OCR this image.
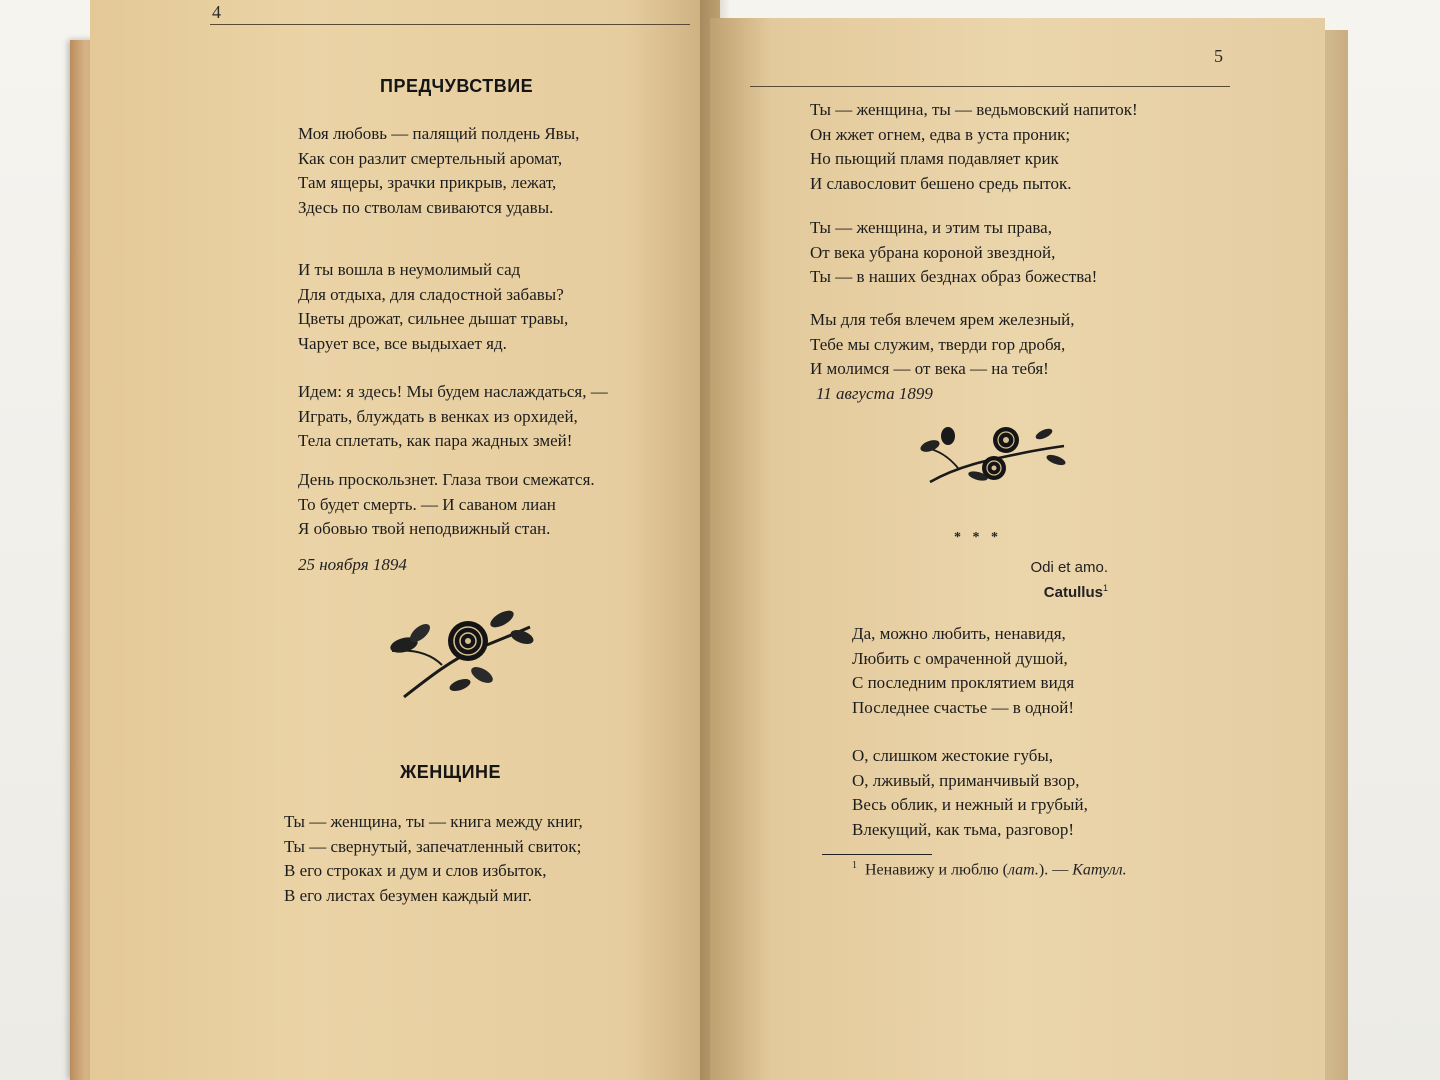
4
ПРЕДЧУВСТВИЕ
Моя любовь — палящий полдень Явы,
Как сон разлит смертельный аромат,
Там ящеры, зрачки прикрыв, лежат,
Здесь по стволам свиваются удавы.
И ты вошла в неумолимый сад
Для отдыха, для сладостной забавы?
Цветы дрожат, сильнее дышат травы,
Чарует все, все выдыхает яд.
Идем: я здесь! Мы будем наслаждаться, —
Играть, блуждать в венках из орхидей,
Тела сплетать, как пара жадных змей!
День проскользнет. Глаза твои смежатся.
То будет смерть. — И саваном лиан
Я обовью твой неподвижный стан.
25 ноября 1894
ЖЕНЩИНЕ
Ты — женщина, ты — книга между книг,
Ты — свернутый, запечатленный свиток;
В его строках и дум и слов избыток,
В его листах безумен каждый миг.
5
Ты — женщина, ты — ведьмовский напиток!
Он жжет огнем, едва в уста проник;
Но пьющий пламя подавляет крик
И славословит бешено средь пыток.
Ты — женщина, и этим ты права,
От века убрана короной звездной,
Ты — в наших безднах образ божества!
Мы для тебя влечем ярем железный,
Тебе мы служим, тверди гор дробя,
И молимся — от века — на тебя!
11 августа 1899
* * *
Odi et amo.
Catullus$^1$
Да, можно любить, ненавидя,
Любить с омраченной душой,
С последним проклятием видя
Последнее счастье — в одной!
О, слишком жестокие губы,
О, лживый, приманчивый взор,
Весь облик, и нежный и грубый,
Влекущий, как тьма, разговор!
$^1$ Ненавижу и люблю (лат.). — Катулл.
